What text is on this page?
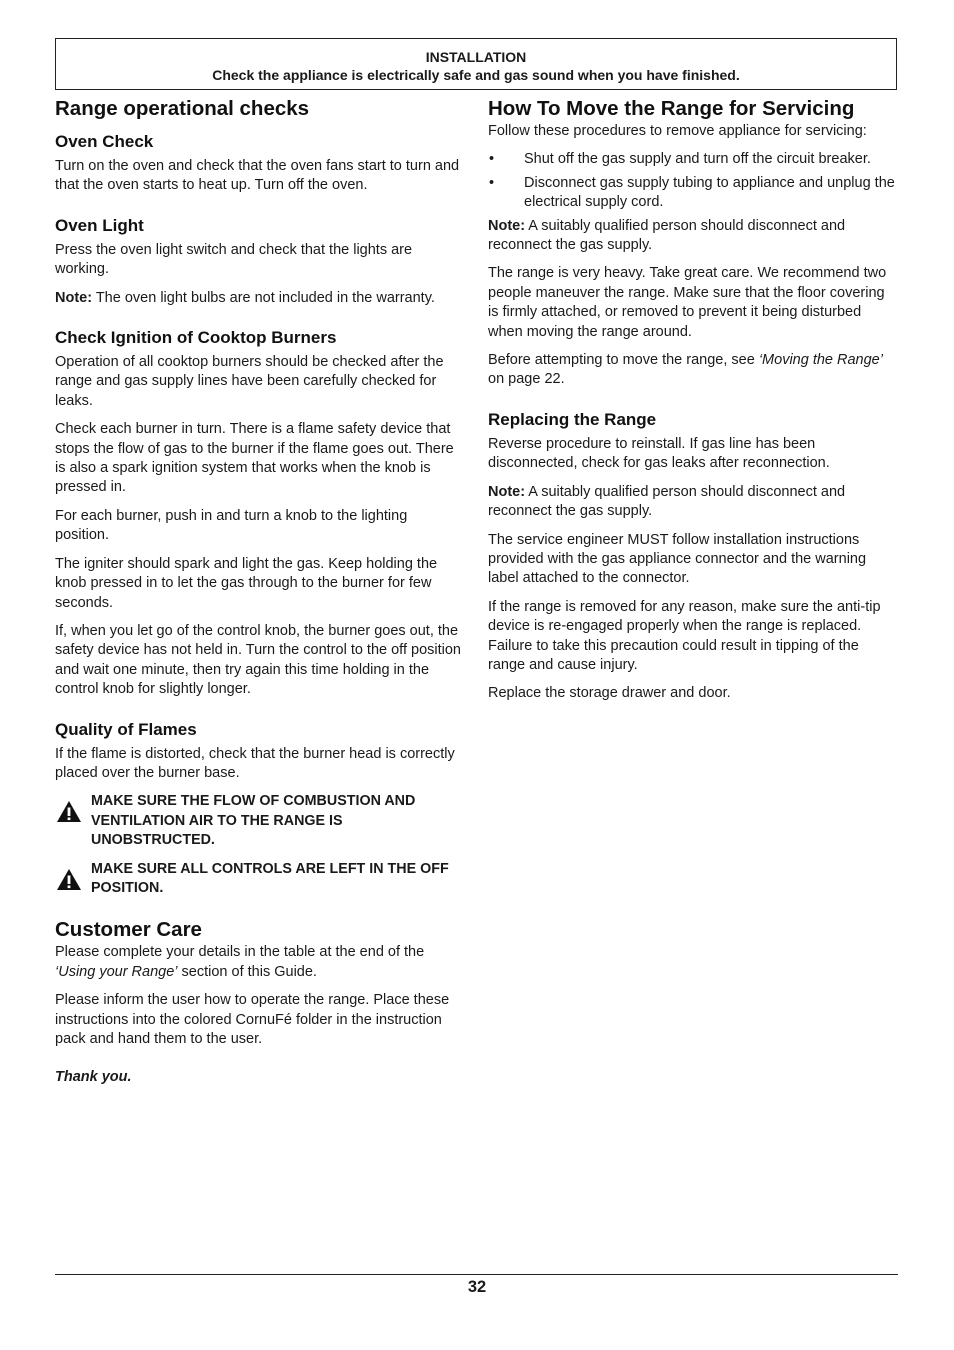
INSTALLATION
Check the appliance is electrically safe and gas sound when you have finished.
Range operational checks
Oven Check

Turn on the oven and check that the oven fans start to turn and that the oven starts to heat up. Turn off the oven.

Oven Light

Press the oven light switch and check that the lights are working.

Note: The oven light bulbs are not included in the warranty.

Check Ignition of Cooktop Burners

Operation of all cooktop burners should be checked after the range and gas supply lines have been carefully checked for leaks.

Check each burner in turn. There is a flame safety device that stops the flow of gas to the burner if the flame goes out. There is also a spark ignition system that works when the knob is pressed in.

For each burner, push in and turn a knob to the lighting position.

The igniter should spark and light the gas. Keep holding the knob pressed in to let the gas through to the burner for few seconds.

If, when you let go of the control knob, the burner goes out, the safety device has not held in. Turn the control to the off position and wait one minute, then try again this time holding in the control knob for slightly longer.

Quality of Flames

If the flame is distorted, check that the burner head is correctly placed over the burner base.

MAKE SURE THE FLOW OF COMBUSTION AND VENTILATION AIR TO THE RANGE IS UNOBSTRUCTED.
MAKE SURE ALL CONTROLS ARE LEFT IN THE OFF POSITION.
Customer Care

Please complete your details in the table at the end of the ‘Using your Range’ section of this Guide.

Please inform the user how to operate the range. Place these instructions into the colored CornuFé folder in the instruction pack and hand them to the user.

Thank you.

How To Move the Range for Servicing

Follow these procedures to remove appliance for servicing:

• Shut off the gas supply and turn off the circuit breaker.
• Disconnect gas supply tubing to appliance and unplug the electrical supply cord.

Note: A suitably qualified person should disconnect and reconnect the gas supply.

The range is very heavy. Take great care. We recommend two people maneuver the range. Make sure that the floor covering is firmly attached, or removed to prevent it being disturbed when moving the range around.

Before attempting to move the range, see ‘Moving the Range’ on page 22.

Replacing the Range

Reverse procedure to reinstall. If gas line has been disconnected, check for gas leaks after reconnection.

Note: A suitably qualified person should disconnect and reconnect the gas supply.

The service engineer MUST follow installation instructions provided with the gas appliance connector and the warning label attached to the connector.

If the range is removed for any reason, make sure the anti-tip device is re-engaged properly when the range is replaced. Failure to take this precaution could result in tipping of the range and cause injury.

Replace the storage drawer and door.

32
